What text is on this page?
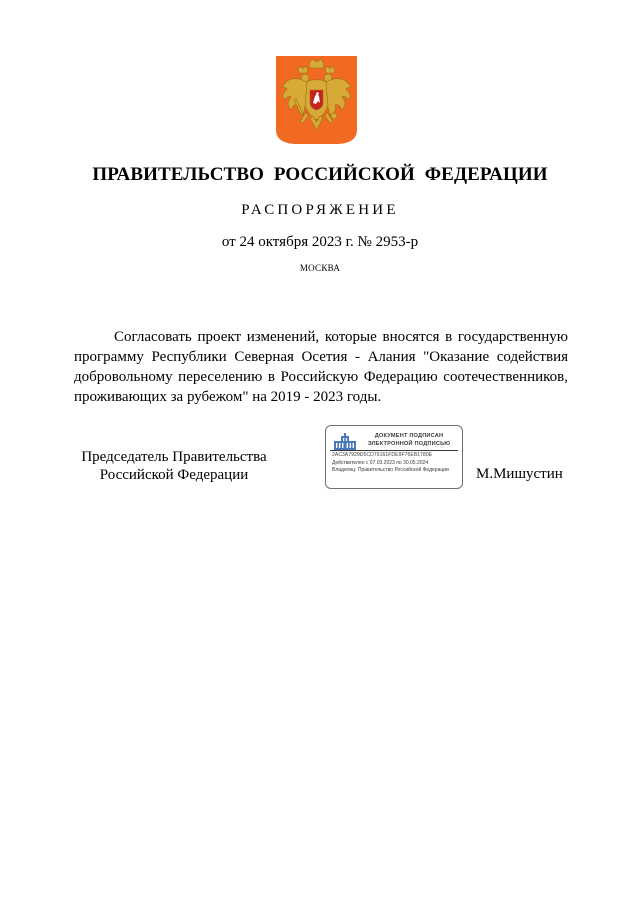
ПРАВИТЕЛЬСТВО РОССИЙСКОЙ ФЕДЕРАЦИИ
РАСПОРЯЖЕНИЕ
от 24 октября 2023 г. № 2953-р
МОСКВА
Согласовать проект изменений, которые вносятся в государственную программу Республики Северная Осетия - Алания "Оказание содействия добровольному переселению в Российскую Федерацию соотечественников, проживающих за рубежом" на 2019 - 2023 годы.
Председатель Правительства
Российской Федерации
ДОКУМЕНТ ПОДПИСАН
ЭЛЕКТРОННОЙ ПОДПИСЬЮ
2AC3A7929D5CD76161FDE9F76EB1780E
Действителен с 07.03.2023 по 30.05.2024
Владелец: Правительство Российской Федерации	М.Мишустин
